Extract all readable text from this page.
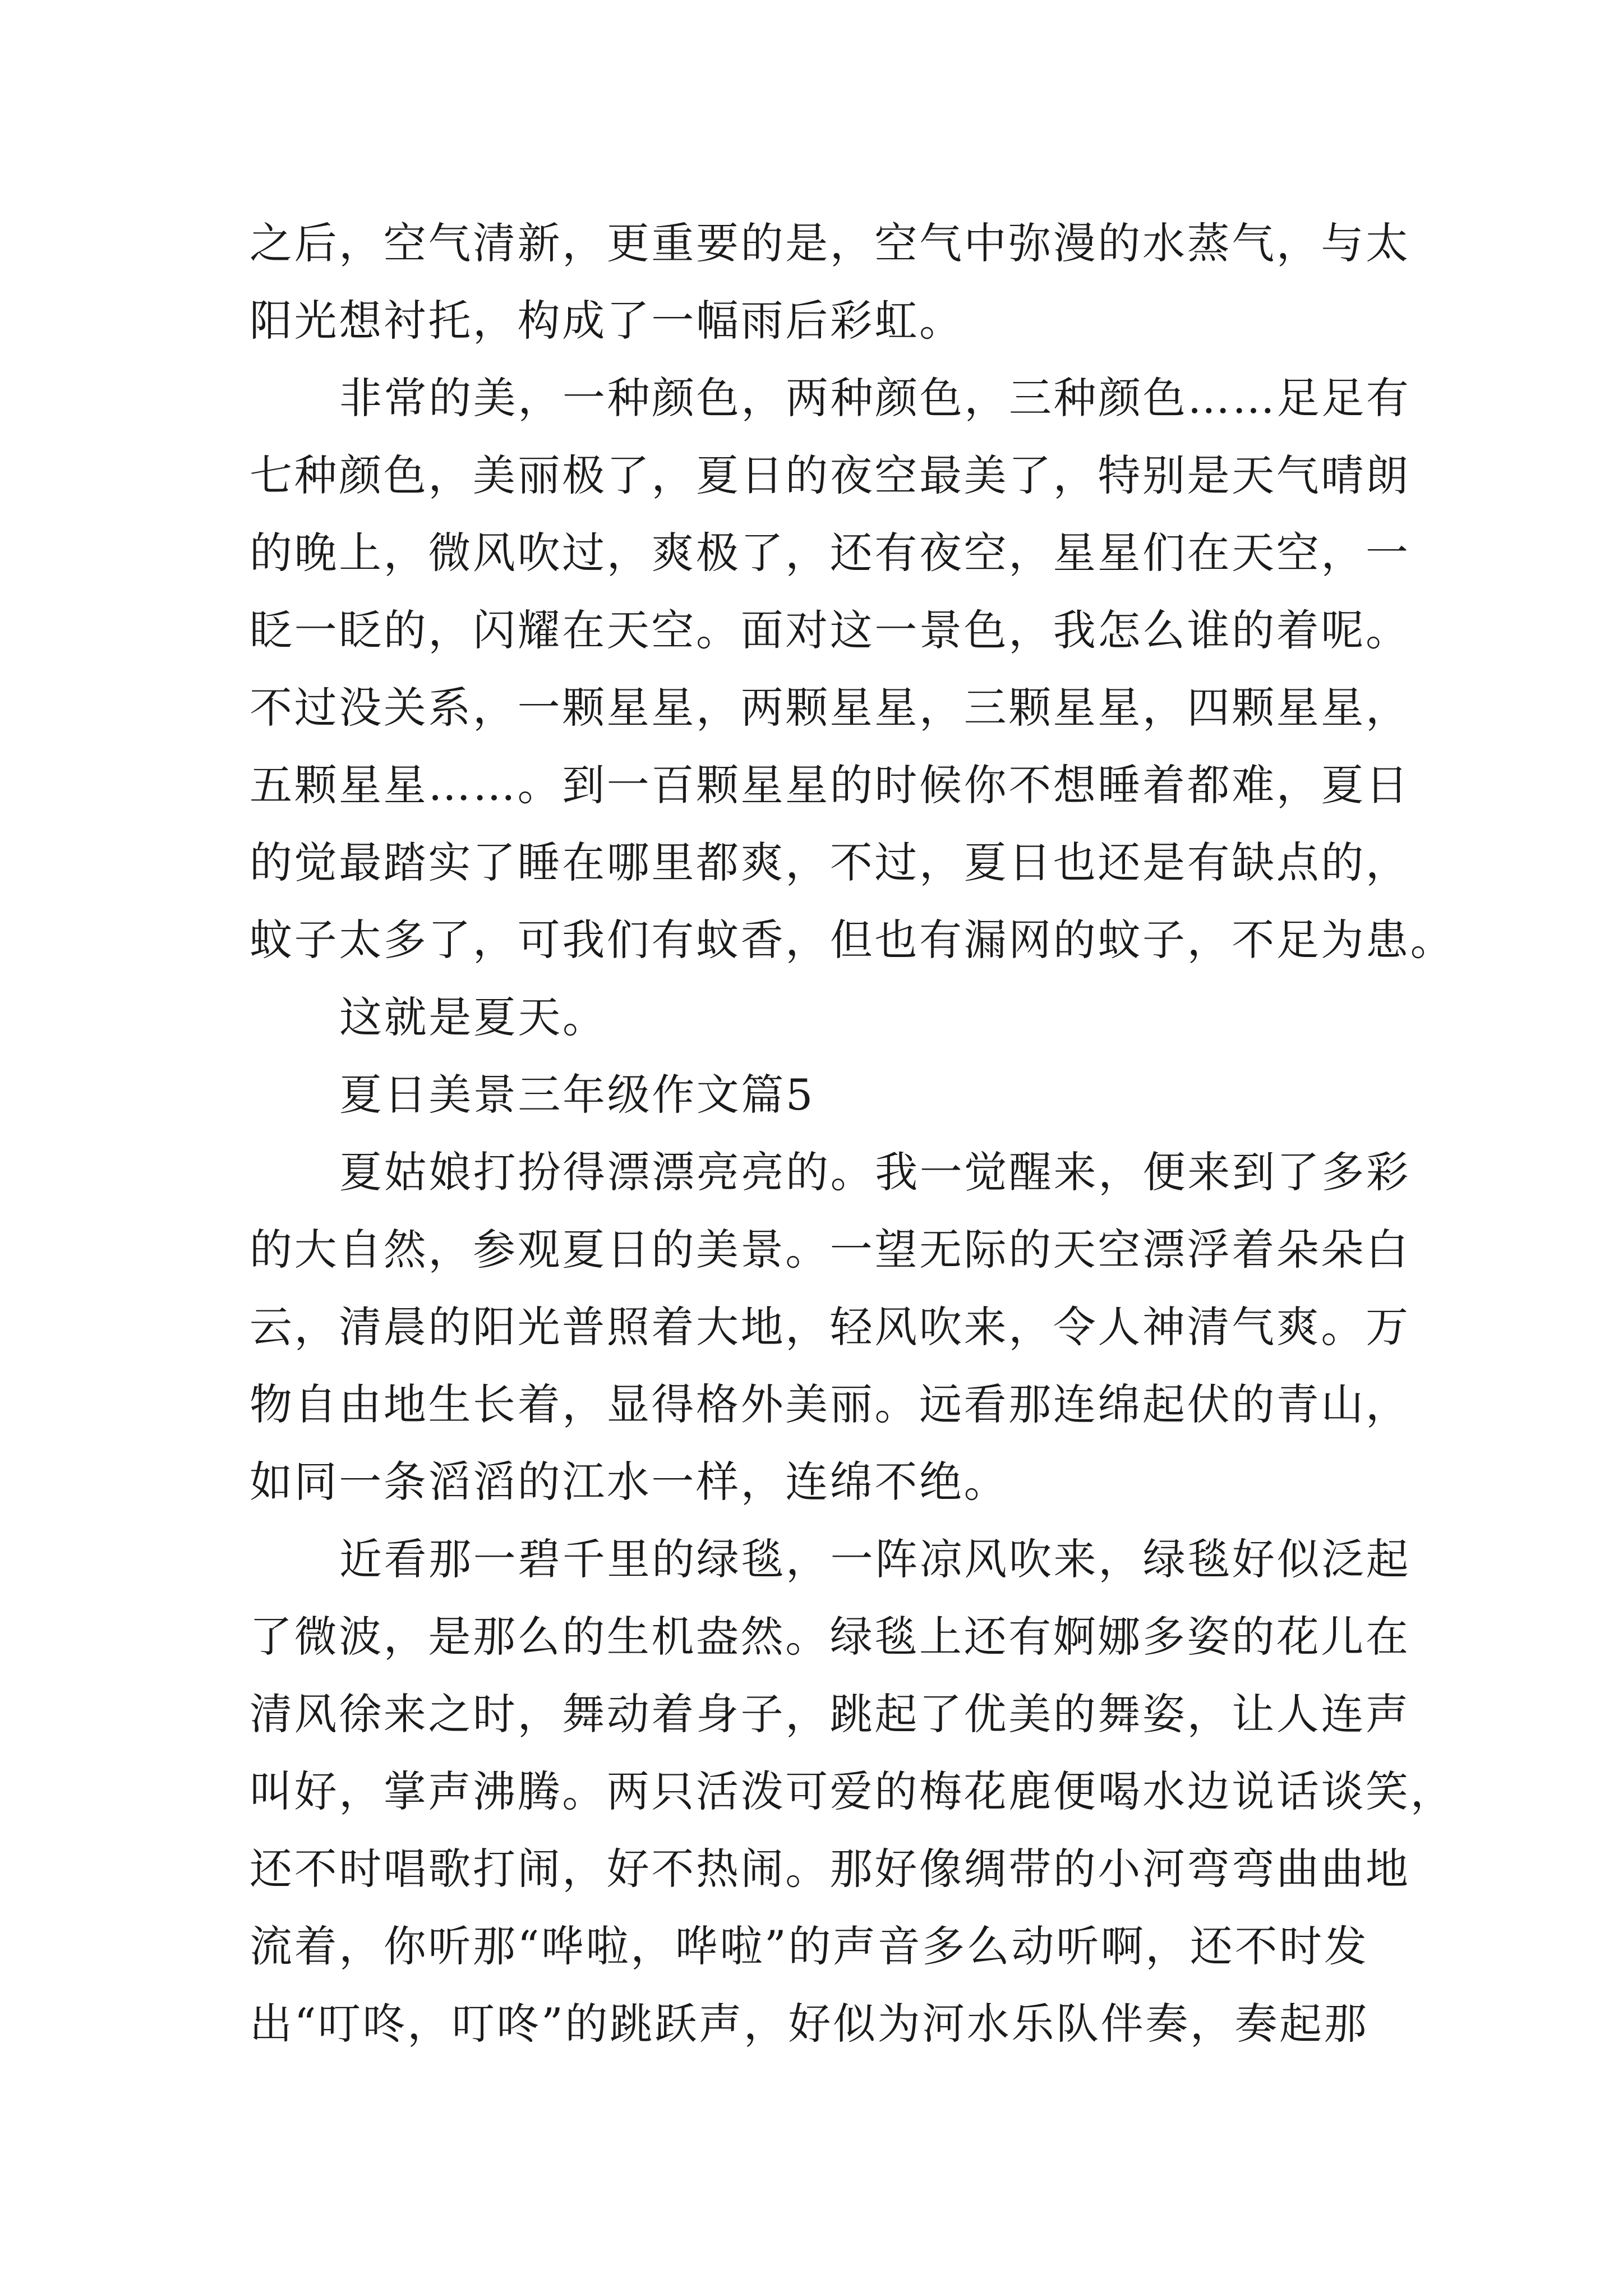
之后，空气清新，更重要的是，空气中弥漫的水蒸气，与太
阳光想衬托，构成了一幅雨后彩虹。
非常的美，一种颜色，两种颜色，三种颜色……足足有
七种颜色，美丽极了，夏日的夜空最美了，特别是天气晴朗
的晚上，微风吹过，爽极了，还有夜空，星星们在天空，一
眨一眨的，闪耀在天空。面对这一景色，我怎么谁的着呢。
不过没关系，一颗星星，两颗星星，三颗星星，四颗星星，
五颗星星……。到一百颗星星的时候你不想睡着都难，夏日
的觉最踏实了睡在哪里都爽，不过，夏日也还是有缺点的，
蚊子太多了，可我们有蚊香，但也有漏网的蚊子，不足为患。
这就是夏天。
夏日美景三年级作文篇5
夏姑娘打扮得漂漂亮亮的。我一觉醒来，便来到了多彩
的大自然，参观夏日的美景。一望无际的天空漂浮着朵朵白
云，清晨的阳光普照着大地，轻风吹来，令人神清气爽。万
物自由地生长着，显得格外美丽。远看那连绵起伏的青山，
如同一条滔滔的江水一样，连绵不绝。
近看那一碧千里的绿毯，一阵凉风吹来，绿毯好似泛起
了微波，是那么的生机盎然。绿毯上还有婀娜多姿的花儿在
清风徐来之时，舞动着身子，跳起了优美的舞姿，让人连声
叫好，掌声沸腾。两只活泼可爱的梅花鹿便喝水边说话谈笑，
还不时唱歌打闹，好不热闹。那好像绸带的小河弯弯曲曲地
流着，你听那“哗啦，哗啦”的声音多么动听啊，还不时发
出“叮咚，叮咚”的跳跃声，好似为河水乐队伴奏，奏起那
